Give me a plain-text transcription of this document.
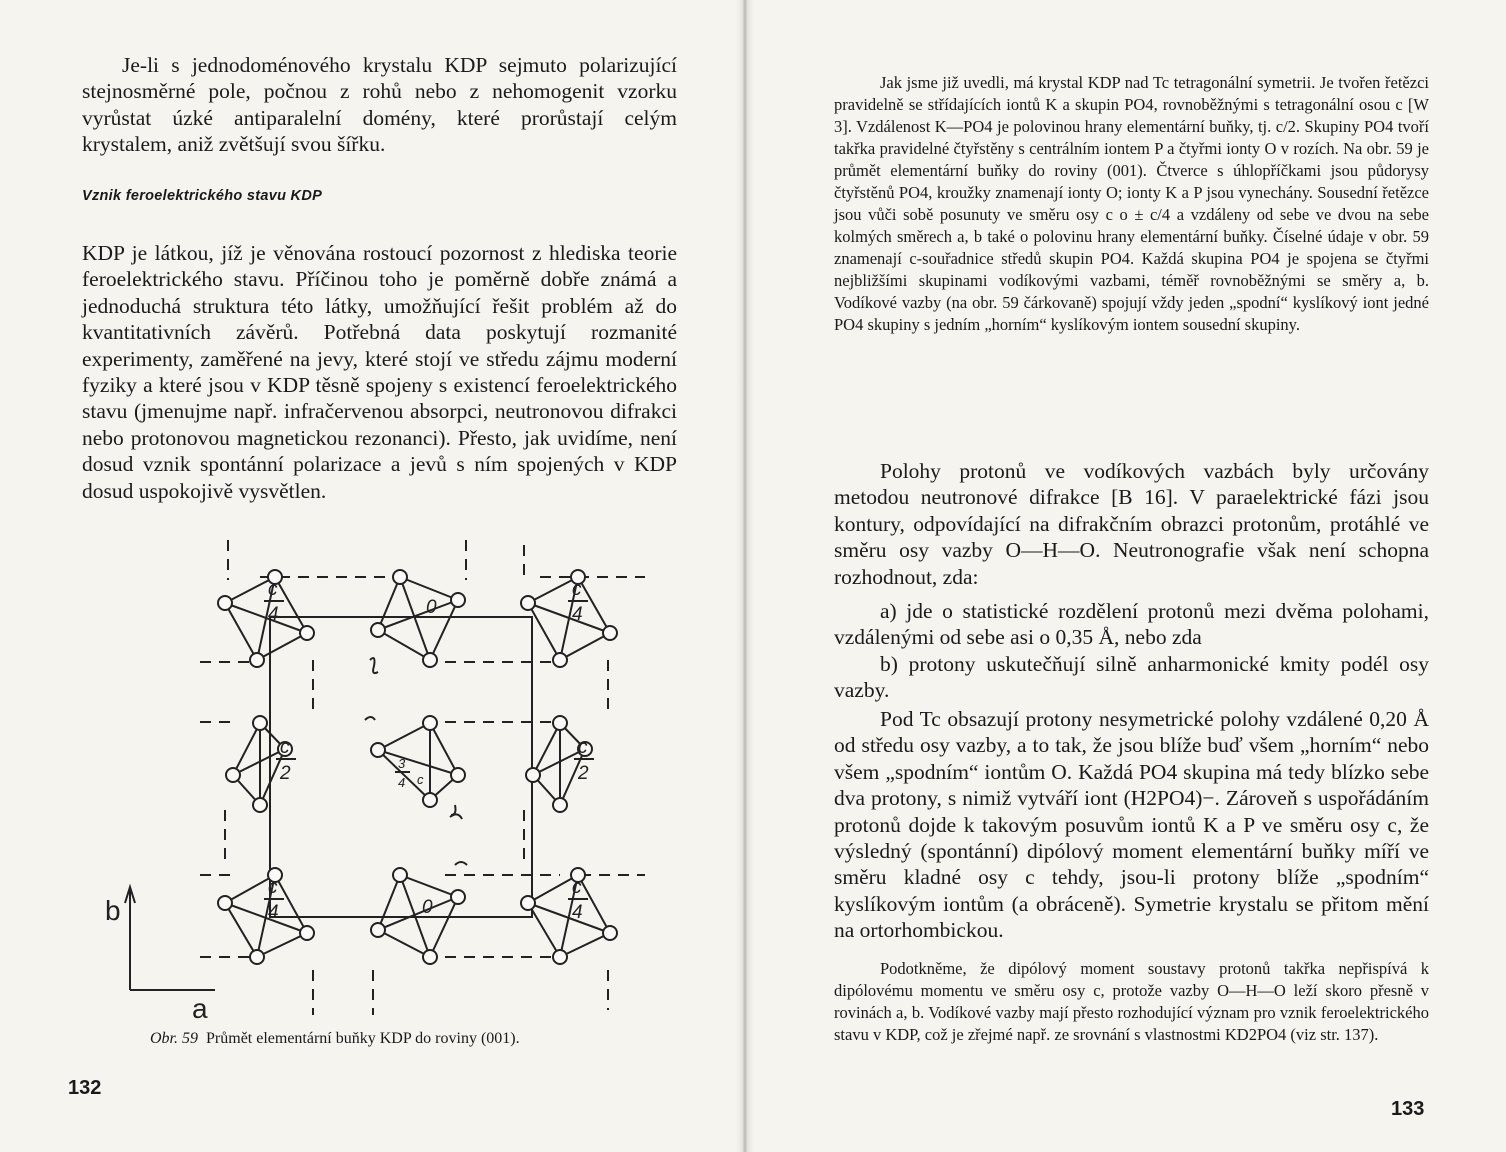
Je-li s jednodoménového krystalu KDP sejmuto polarizující stejnosměrné pole, počnou z rohů nebo z nehomogenit vzorku vyrůstat úzké antiparalelní domény, které prorůstají celým krystalem, aniž zvětšují svou šířku.

Vznik feroelektrického stavu KDP

KDP je látkou, jíž je věnována rostoucí pozornost z hlediska teorie feroelektrického stavu. Příčinou toho je poměrně dobře známá a jednoduchá struktura této látky, umožňující řešit problém až do kvantitativních závěrů. Potřebná data poskytují rozmanité experimenty, zaměřené na jevy, které stojí ve středu zájmu moderní fyziky a které jsou v KDP těsně spojeny s existencí feroelektrického stavu (jmenujme např. infračervenou absorpci, neutronovou difrakci nebo protonovou magnetickou rezonanci). Přesto, jak uvidíme, není dosud vznik spontánní polarizace a jevů s ním spojených v KDP dosud uspokojivě vysvětlen.

c
4	0
c
4
c
2	3
4 c
c
2
c
4	0
c
4
b
a
Obr. 59 Průmět elementární buňky KDP do roviny (001).
132

Jak jsme již uvedli, má krystal KDP nad Tc tetragonální symetrii. Je tvořen řetězci pravidelně se střídajících iontů K a skupin PO4, rovnoběžnými s tetragonální osou c [W 3]. Vzdálenost K—PO4 je polovinou hrany elementární buňky, tj. c/2. Skupiny PO4 tvoří takřka pravidelné čtyřstěny s centrálním iontem P a čtyřmi ionty O v rozích. Na obr. 59 je průmět elementární buňky do roviny (001). Čtverce s úhlopříčkami jsou půdorysy čtyřstěnů PO4, kroužky znamenají ionty O; ionty K a P jsou vynechány. Sousední řetězce jsou vůči sobě posunuty ve směru osy c o ± c/4 a vzdáleny od sebe ve dvou na sebe kolmých směrech a, b také o polovinu hrany elementární buňky. Číselné údaje v obr. 59 znamenají c-souřadnice středů skupin PO4. Každá skupina PO4 je spojena se čtyřmi nejbližšími skupinami vodíkovými vazbami, téměř rovnoběžnými se směry a, b. Vodíkové vazby (na obr. 59 čárkovaně) spojují vždy jeden „spodní“ kyslíkový iont jedné PO4 skupiny s jedním „horním“ kyslíkovým iontem sousední skupiny.

Polohy protonů ve vodíkových vazbách byly určovány metodou neutronové difrakce [B 16]. V paraelektrické fázi jsou kontury, odpovídající na difrakčním obrazci protonům, protáhlé ve směru osy vazby O—H—O. Neutronografie však není schopna rozhodnout, zda:

a) jde o statistické rozdělení protonů mezi dvěma polohami, vzdálenými od sebe asi o 0,35 Å, nebo zda

b) protony uskutečňují silně anharmonické kmity podél osy vazby.

Pod Tc obsazují protony nesymetrické polohy vzdálené 0,20 Å od středu osy vazby, a to tak, že jsou blíže buď všem „horním“ nebo všem „spodním“ iontům O. Každá PO4 skupina má tedy blízko sebe dva protony, s nimiž vytváří iont (H2PO4)−. Zároveň s uspořádáním protonů dojde k takovým posuvům iontů K a P ve směru osy c, že výsledný (spontánní) dipólový moment elementární buňky míří ve směru kladné osy c tehdy, jsou-li protony blíže „spodním“ kyslíkovým iontům (a obráceně). Symetrie krystalu se přitom mění na ortorhombickou.

Podotkněme, že dipólový moment soustavy protonů takřka nepřispívá k dipólovému momentu ve směru osy c, protože vazby O—H—O leží skoro přesně v rovinách a, b. Vodíkové vazby mají přesto rozhodující význam pro vznik feroelektrického stavu v KDP, což je zřejmé např. ze srovnání s vlastnostmi KD2PO4 (viz str. 137).

133
